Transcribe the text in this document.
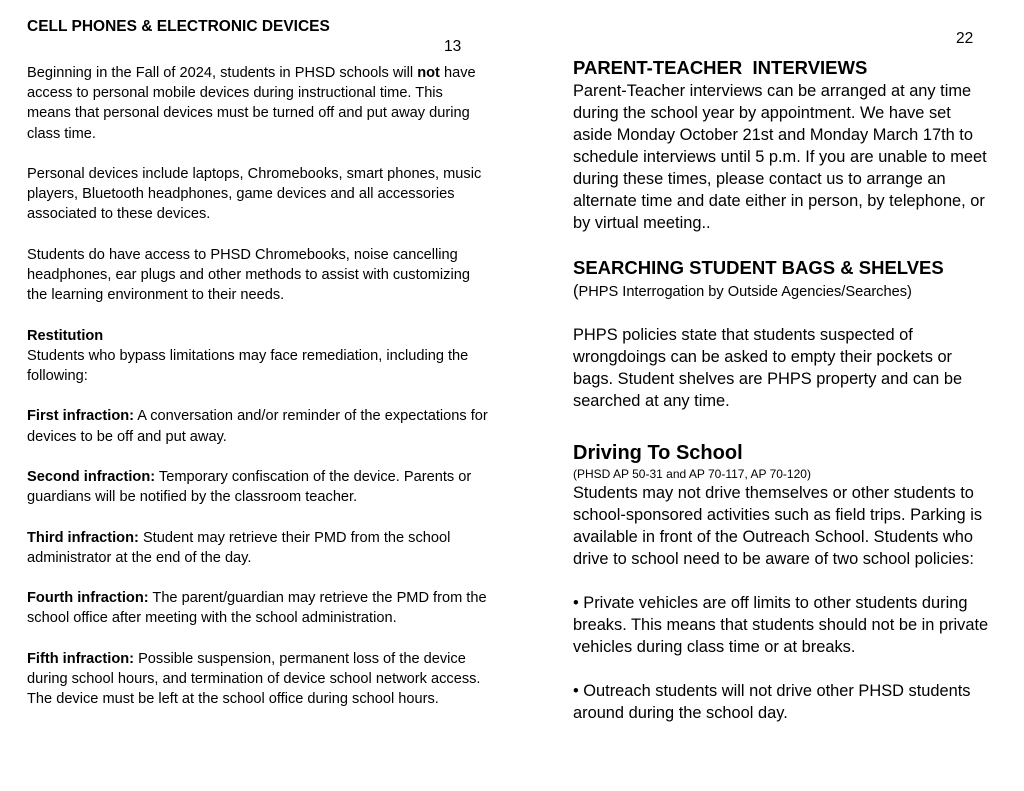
CELL PHONES & ELECTRONIC DEVICES
13

Beginning in the Fall of 2024, students in PHSD schools will not have access to personal mobile devices during instructional time. This means that personal devices must be turned off and put away during class time.

Personal devices include laptops, Chromebooks, smart phones, music players, Bluetooth headphones, game devices and all accessories associated to these devices.

Students do have access to PHSD Chromebooks, noise cancelling headphones, ear plugs and other methods to assist with customizing the learning environment to their needs.

Restitution
Students who bypass limitations may face remediation, including the following:

First infraction: A conversation and/or reminder of the expectations for devices to be off and put away.

Second infraction: Temporary confiscation of the device. Parents or guardians will be notified by the classroom teacher.

Third infraction: Student may retrieve their PMD from the school administrator at the end of the day.

Fourth infraction: The parent/guardian may retrieve the PMD from the school office after meeting with the school administration.

Fifth infraction: Possible suspension, permanent loss of the device during school hours, and termination of device school network access. The device must be left at the school office during school hours.

22
PARENT-TEACHER  INTERVIEWS

Parent-Teacher interviews can be arranged at any time during the school year by appointment. We have set aside Monday October 21st and Monday March 17th to schedule interviews until 5 p.m. If you are unable to meet during these times, please contact us to arrange an alternate time and date either in person, by telephone, or by virtual meeting..

SEARCHING STUDENT BAGS & SHELVES

(PHPS Interrogation by Outside Agencies/Searches)

PHPS policies state that students suspected of wrongdoings can be asked to empty their pockets or bags. Student shelves are PHPS property and can be searched at any time.

Driving To School
(PHSD AP 50-31 and AP 70-117, AP 70-120)

Students may not drive themselves or other students to school-sponsored activities such as field trips. Parking is available in front of the Outreach School. Students who drive to school need to be aware of two school policies:

• Private vehicles are off limits to other students during breaks. This means that students should not be in private vehicles during class time or at breaks.

• Outreach students will not drive other PHSD students around during the school day.
